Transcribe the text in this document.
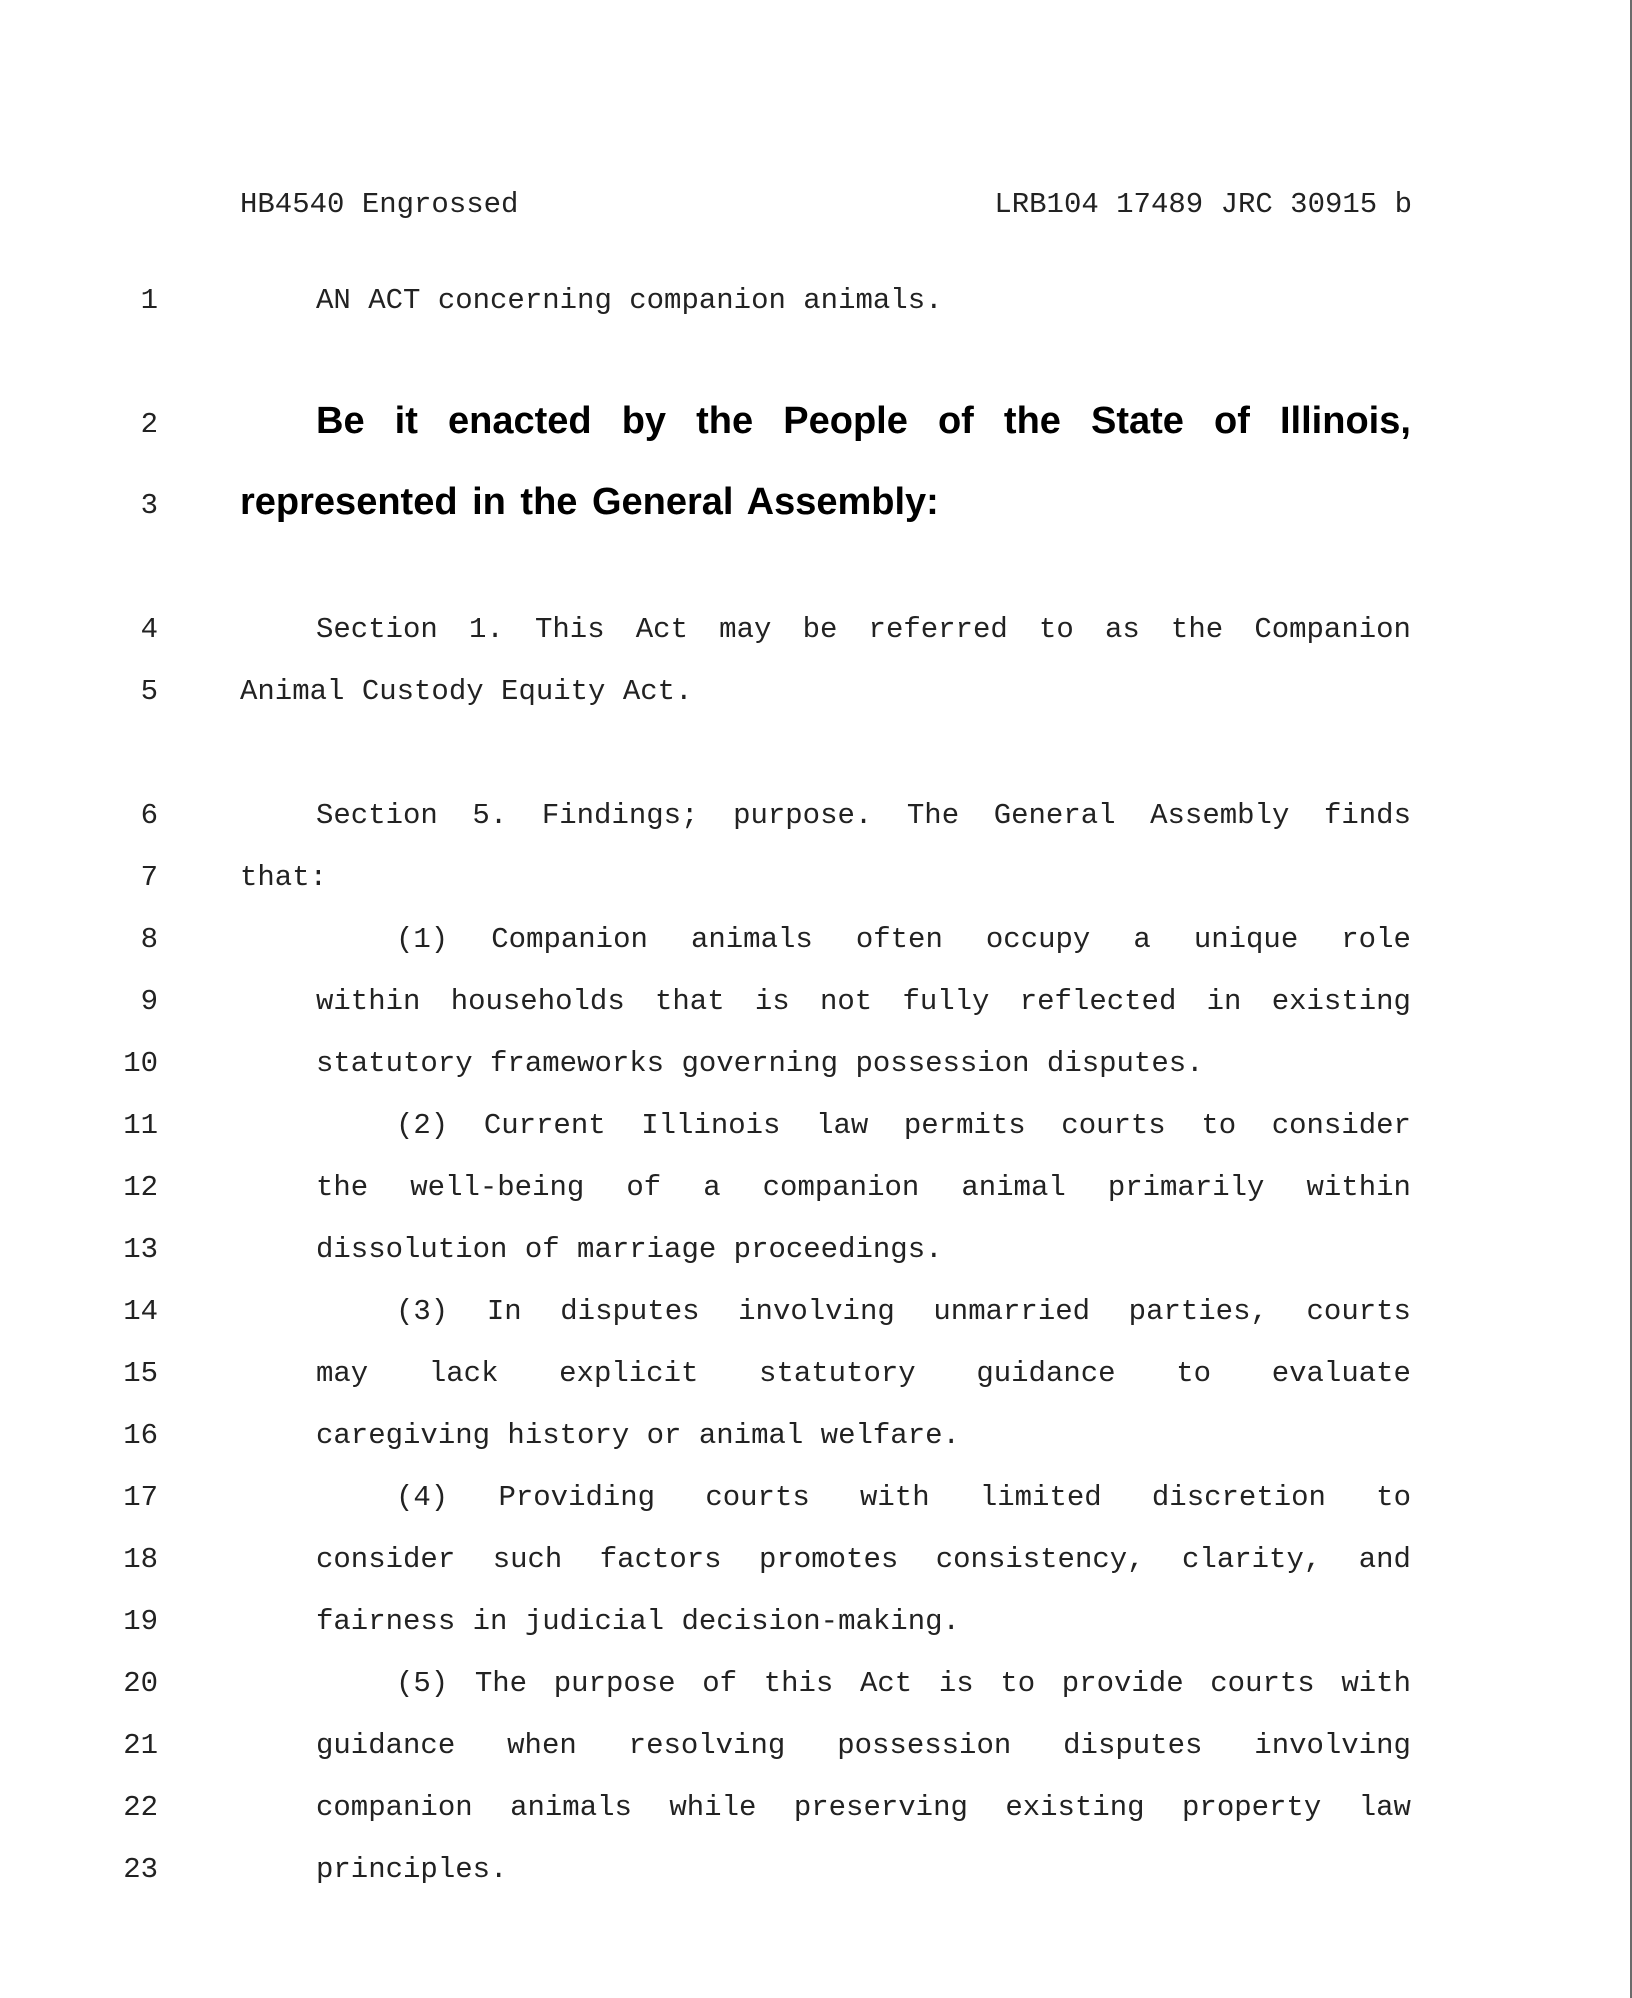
HB4540 Engrossed	LRB104 17489 JRC 30915 b
1
2
3
4
5
6
7
8
9
10
11
12
13
14
15
16
17
18
19
20
21
22
23
AN ACT concerning companion animals.
Be it enacted by the People of the State of Illinois,
represented in the General Assembly:
Section 1. This Act may be referred to as the Companion
Animal Custody Equity Act.
Section 5. Findings; purpose. The General Assembly finds
that:
(1) Companion animals often occupy a unique role
within households that is not fully reflected in existing
statutory frameworks governing possession disputes.
(2) Current Illinois law permits courts to consider
the well-being of a companion animal primarily within
dissolution of marriage proceedings.
(3) In disputes involving unmarried parties, courts
may lack explicit statutory guidance to evaluate
caregiving history or animal welfare.
(4) Providing courts with limited discretion to
consider such factors promotes consistency, clarity, and
fairness in judicial decision-making.
(5) The purpose of this Act is to provide courts with
guidance when resolving possession disputes involving
companion animals while preserving existing property law
principles.
